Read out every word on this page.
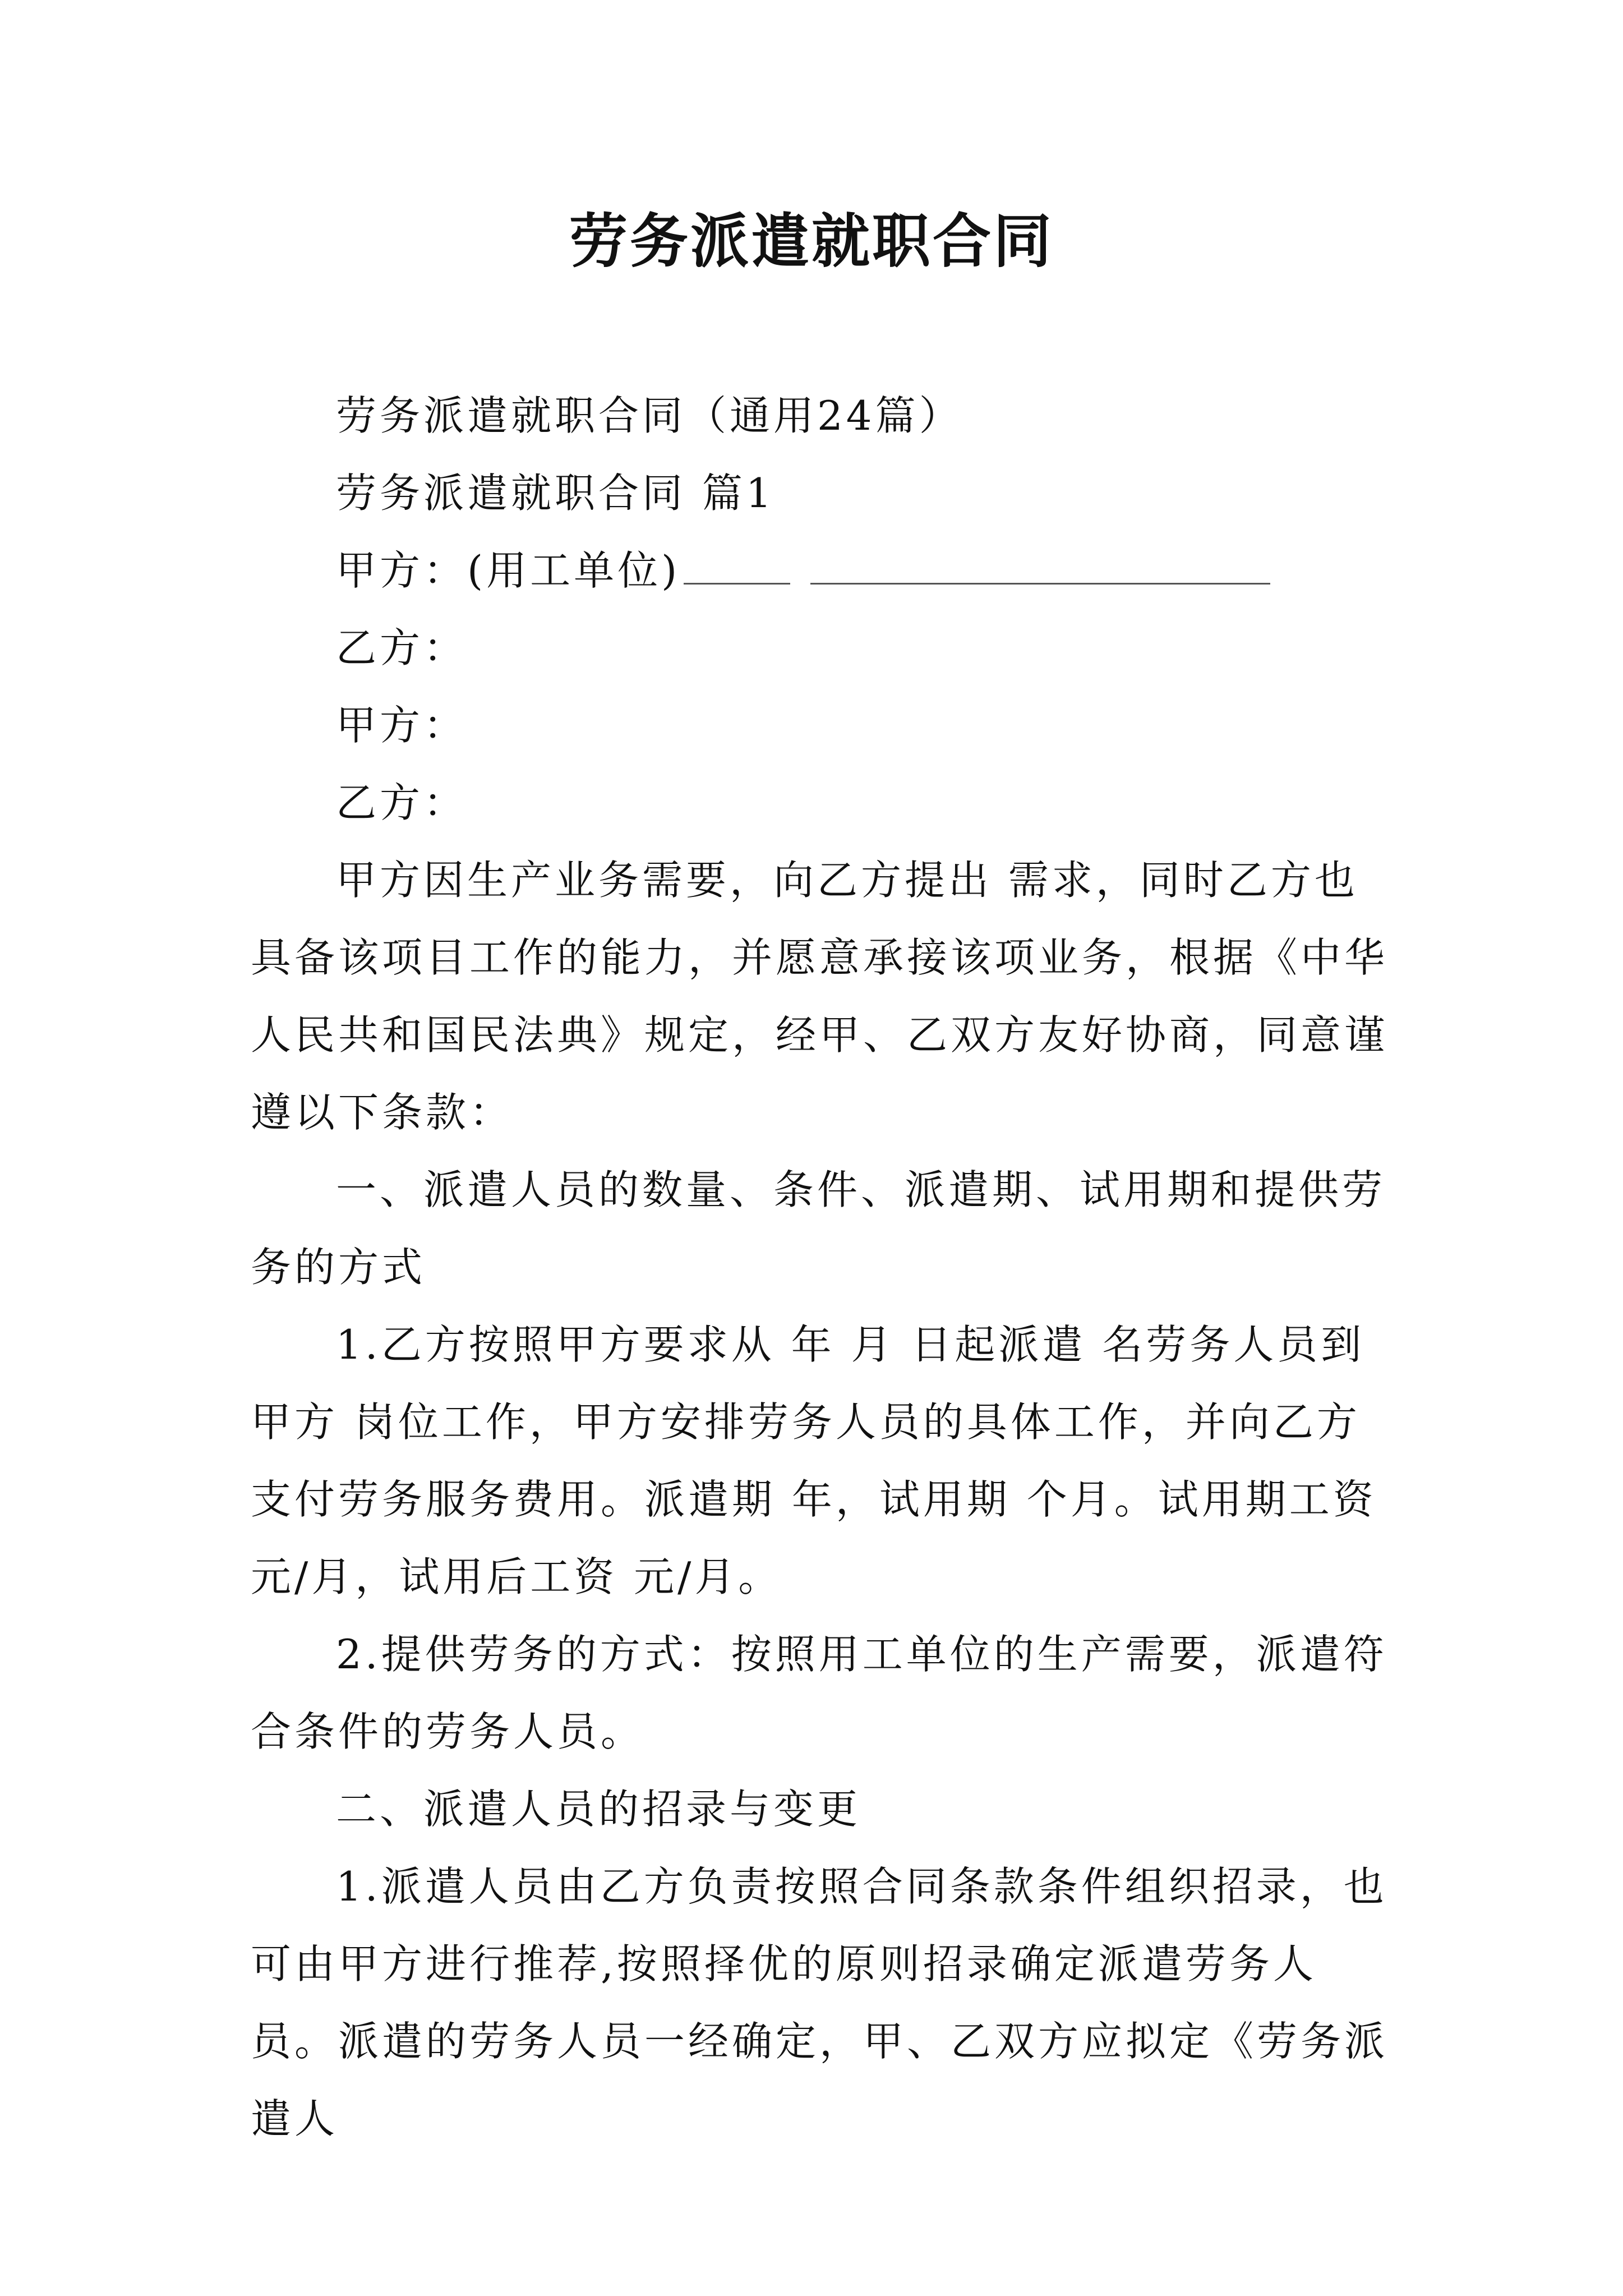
劳务派遣就职合同

劳务派遣就职合同（通用24篇）

劳务派遣就职合同 篇1

甲方：(用工单位)

乙方：

甲方：

乙方：

甲方因生产业务需要，向乙方提出 需求，同时乙方也具备该项目工作的能力，并愿意承接该项业务，根据《中华人民共和国民法典》规定，经甲、乙双方友好协商，同意谨遵以下条款：

一、派遣人员的数量、条件、派遣期、试用期和提供劳务的方式

1.乙方按照甲方要求从 年 月 日起派遣 名劳务人员到甲方 岗位工作，甲方安排劳务人员的具体工作，并向乙方支付劳务服务费用。派遣期 年，试用期 个月。试用期工资 元/月，试用后工资 元/月。

2.提供劳务的方式：按照用工单位的生产需要，派遣符合条件的劳务人员。

二、派遣人员的招录与变更

1.派遣人员由乙方负责按照合同条款条件组织招录，也可由甲方进行推荐,按照择优的原则招录确定派遣劳务人员。派遣的劳务人员一经确定，甲、乙双方应拟定《劳务派遣人
